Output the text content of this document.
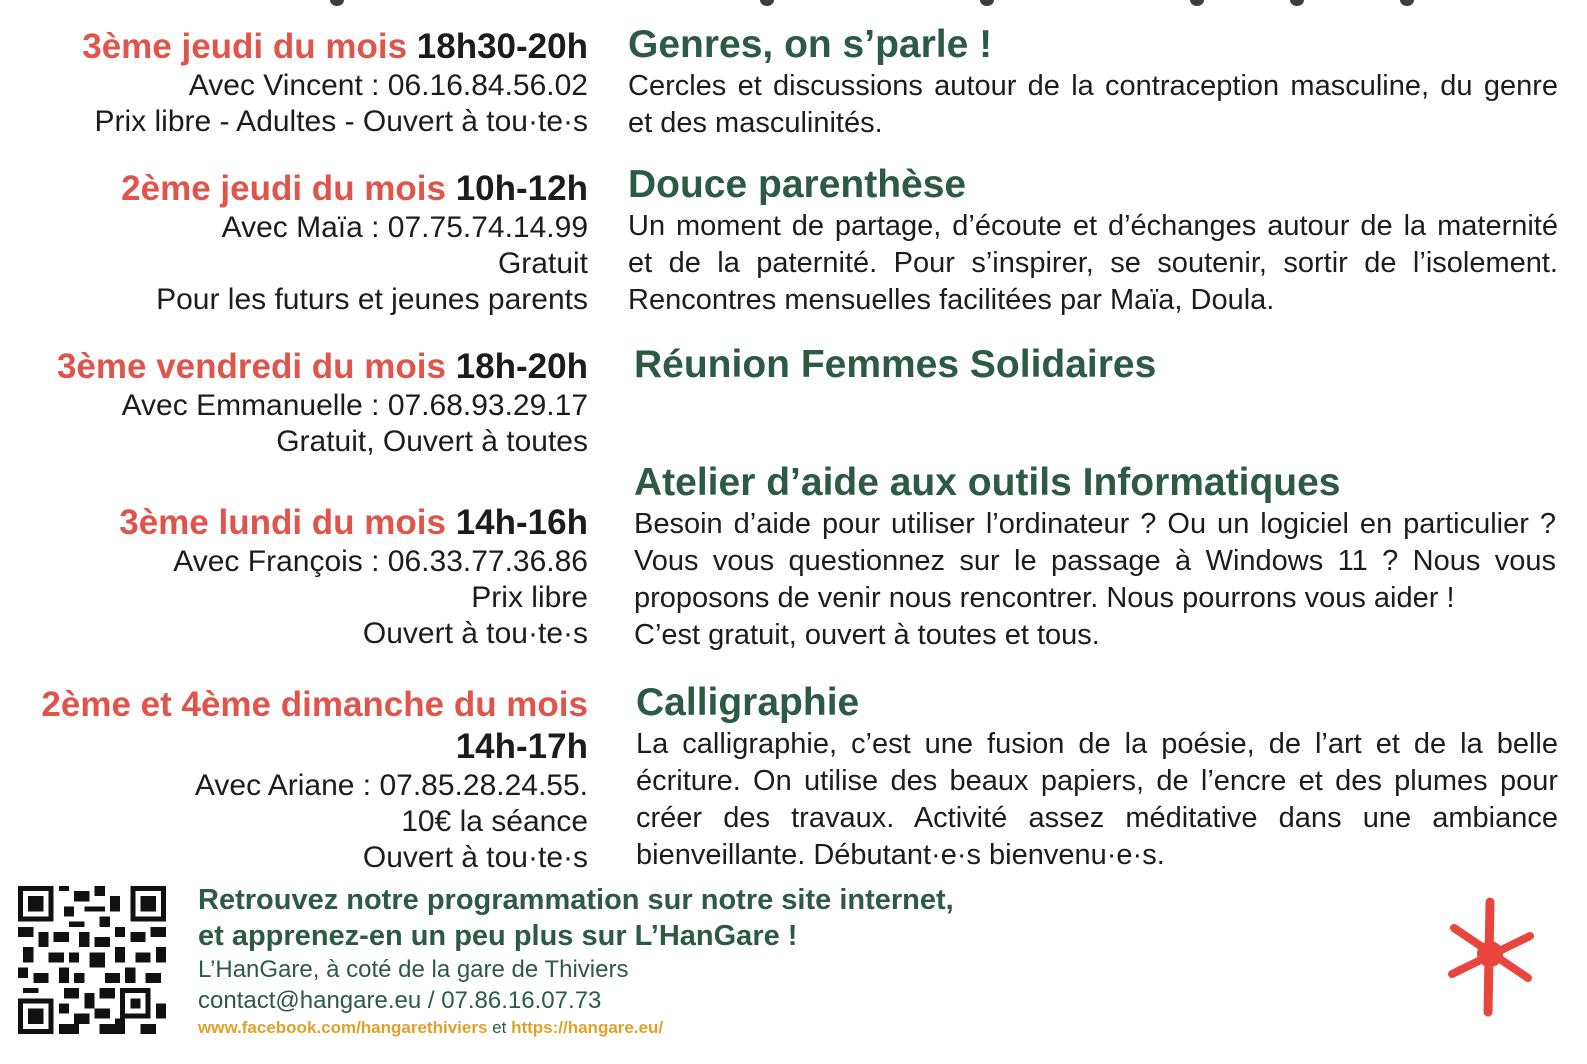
3ème jeudi du mois 18h30-20h
Avec Vincent : 06.16.84.56.02
Prix libre - Adultes - Ouvert à tou·te·s
Genres, on s’parle !
Cercles et discussions autour de la contraception masculine, du genre et des masculinités.
2ème jeudi du mois 10h-12h
Avec Maïa : 07.75.74.14.99
Gratuit
Pour les futurs et jeunes parents
Douce parenthèse
Un moment de partage, d’écoute et d’échanges autour de la maternité et de la paternité. Pour s’inspirer, se soutenir, sortir de l’isolement. Rencontres mensuelles facilitées par Maïa, Doula.
3ème vendredi du mois 18h-20h
Avec Emmanuelle : 07.68.93.29.17
Gratuit, Ouvert à toutes
Réunion Femmes Solidaires
3ème lundi du mois 14h-16h
Avec François : 06.33.77.36.86
Prix libre
Ouvert à tou·te·s
Atelier d’aide aux outils Informatiques
Besoin d’aide pour utiliser l’ordinateur ? Ou un logiciel en particulier ? Vous vous questionnez sur le passage à Windows 11 ? Nous vous proposons de venir nous rencontrer. Nous pourrons vous aider !
C’est gratuit, ouvert à toutes et tous.
2ème et 4ème dimanche du mois
14h-17h
Avec Ariane : 07.85.28.24.55.
10€ la séance
Ouvert à tou·te·s
Calligraphie
La calligraphie, c’est une fusion de la poésie, de l’art et de la belle écriture. On utilise des beaux papiers, de l’encre et des plumes pour créer des travaux. Activité assez méditative dans une ambiance bienveillante. Débutant·e·s bienvenu·e·s.
Retrouvez notre programmation sur notre site internet,
et apprenez-en un peu plus sur L’HanGare !
L’HanGare, à coté de la gare de Thiviers
contact@hangare.eu / 07.86.16.07.73
www.facebook.com/hangarethiviers et https://hangare.eu/
